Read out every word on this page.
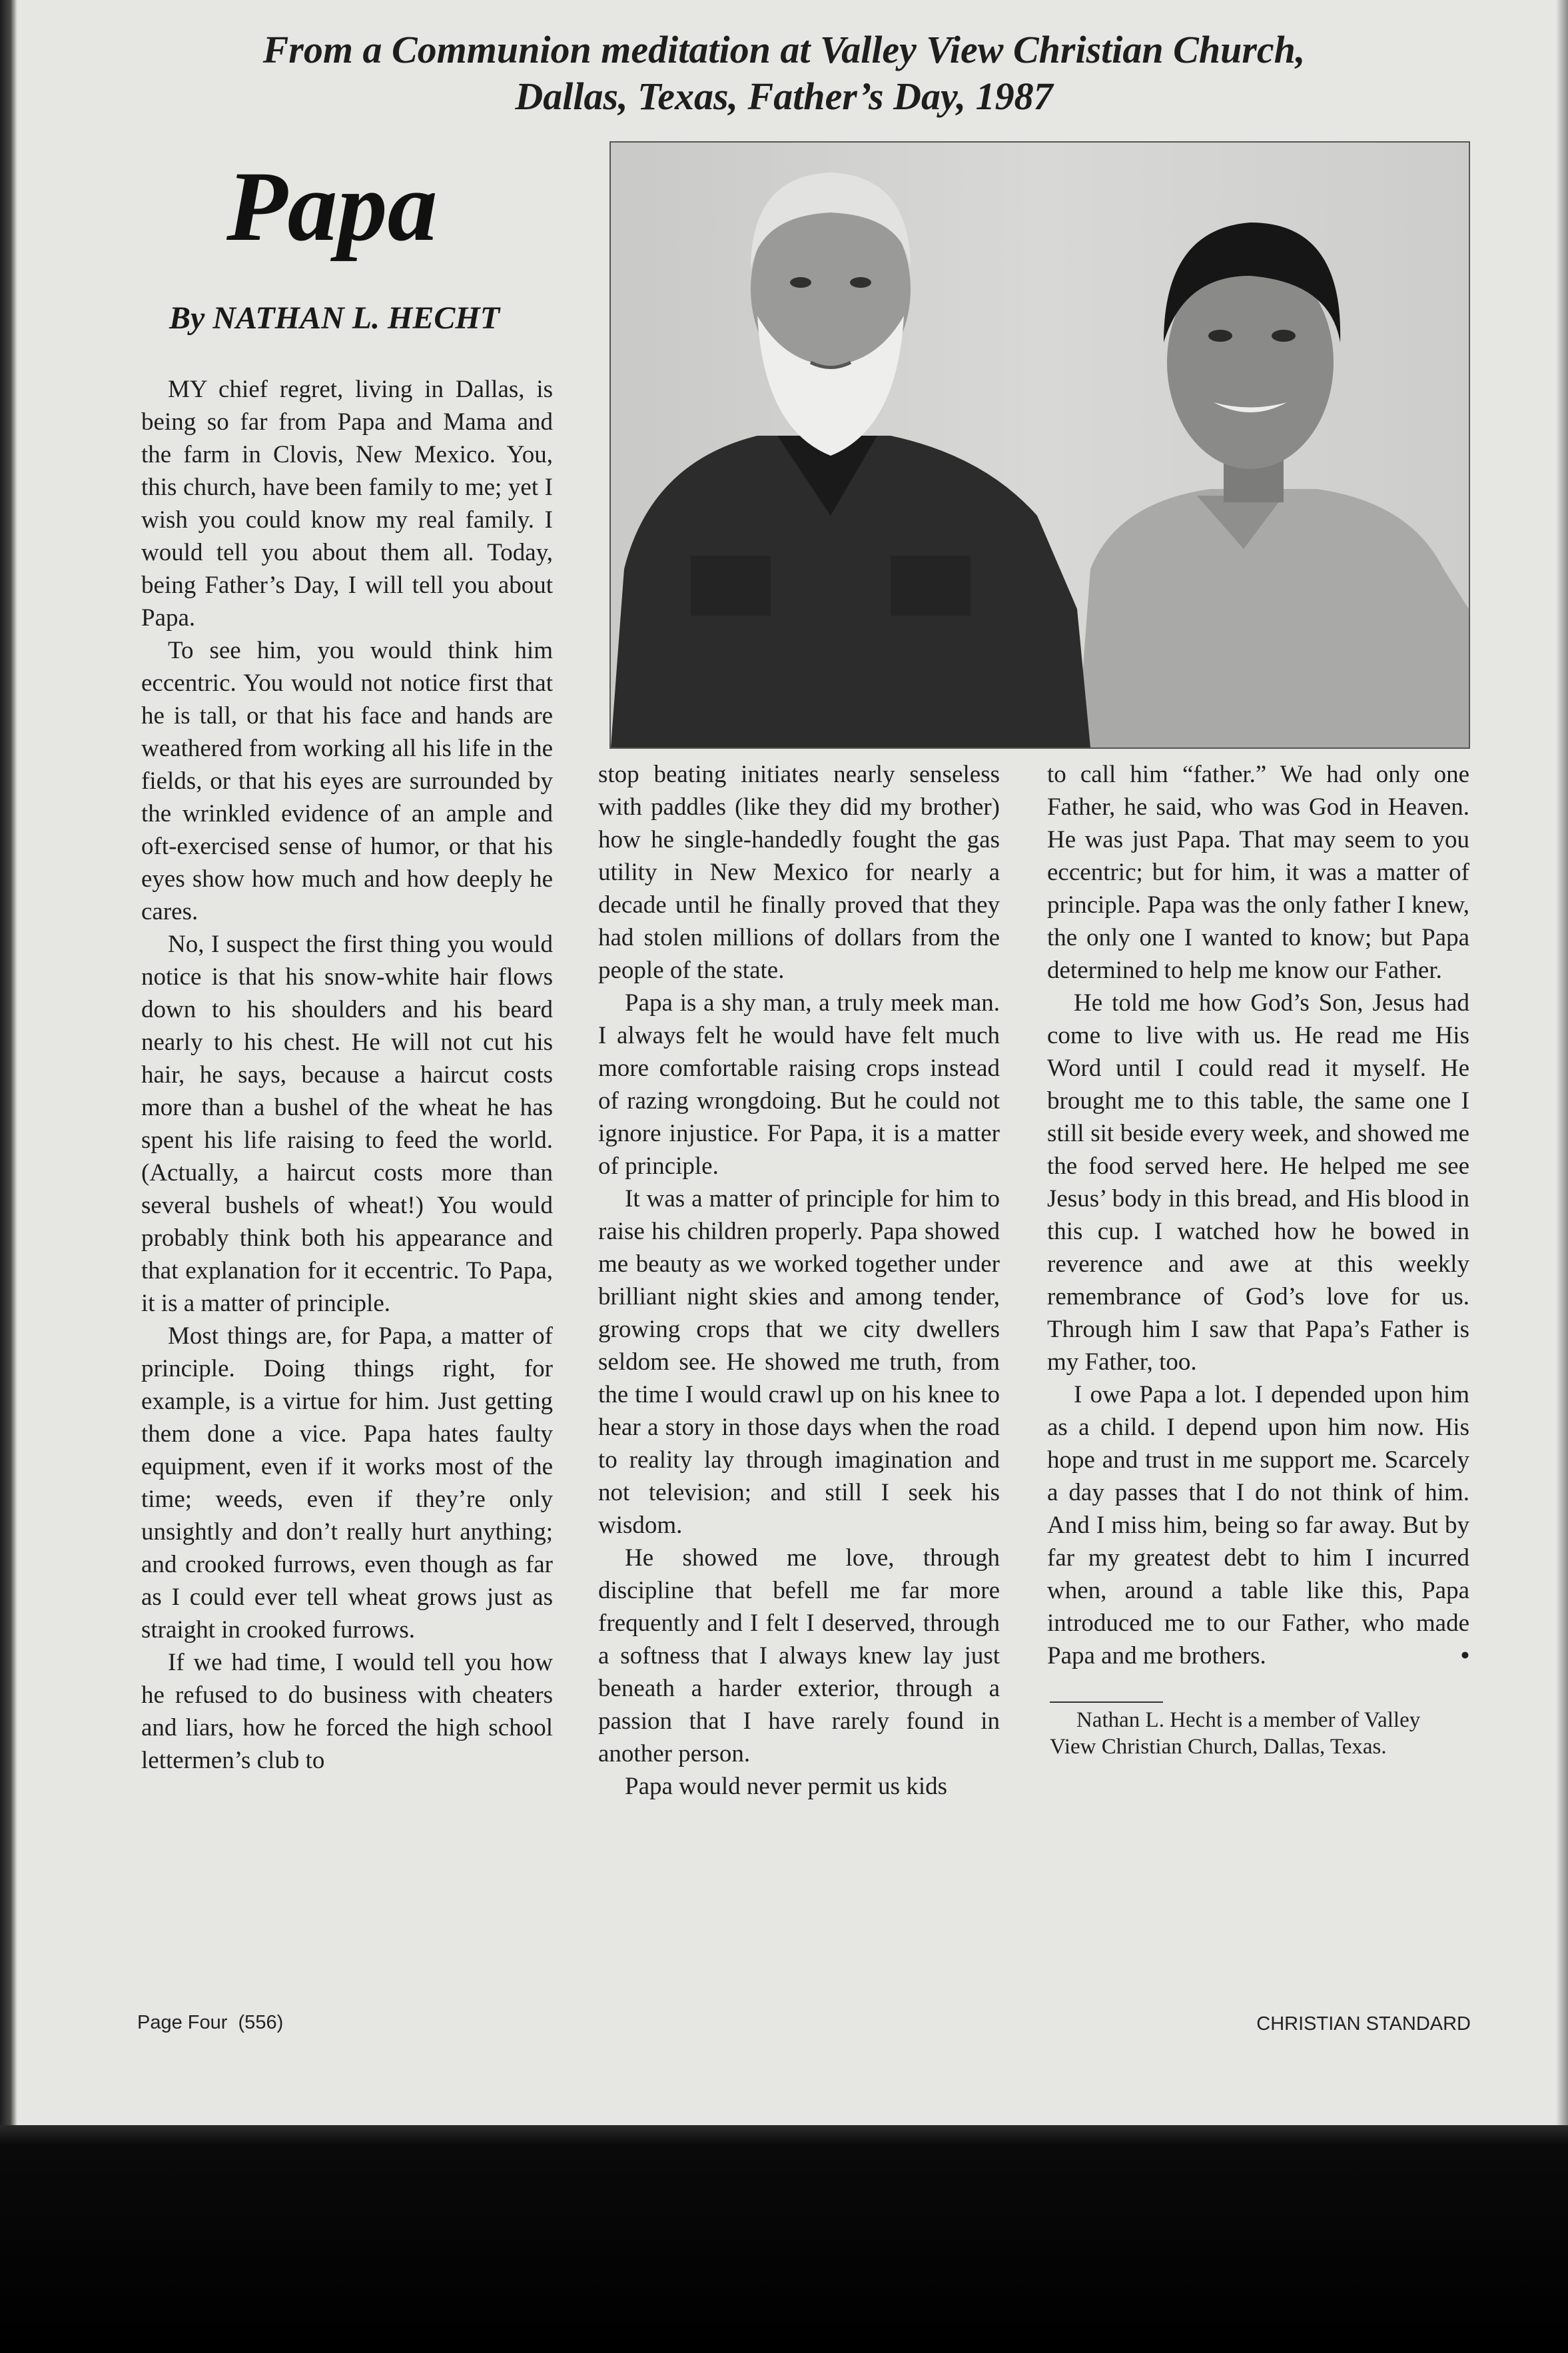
From a Communion meditation at Valley View Christian Church,
Dallas, Texas, Father’s Day, 1987
Papa
By NATHAN L. HECHT

MY chief regret, living in Dallas, is being so far from Papa and Mama and the farm in Clovis, New Mexico. You, this church, have been family to me; yet I wish you could know my real family. I would tell you about them all. Today, being Father’s Day, I will tell you about Papa.

To see him, you would think him eccentric. You would not notice first that he is tall, or that his face and hands are weathered from working all his life in the fields, or that his eyes are surrounded by the wrinkled evidence of an ample and oft-exercised sense of humor, or that his eyes show how much and how deeply he cares.

No, I suspect the first thing you would notice is that his snow-white hair flows down to his shoulders and his beard nearly to his chest. He will not cut his hair, he says, because a haircut costs more than a bushel of the wheat he has spent his life raising to feed the world. (Actually, a haircut costs more than several bushels of wheat!) You would probably think both his appearance and that explanation for it eccentric. To Papa, it is a matter of principle.

Most things are, for Papa, a matter of principle. Doing things right, for example, is a virtue for him. Just getting them done a vice. Papa hates faulty equipment, even if it works most of the time; weeds, even if they’re only unsightly and don’t really hurt anything; and crooked furrows, even though as far as I could ever tell wheat grows just as straight in crooked furrows.

If we had time, I would tell you how he refused to do business with cheaters and liars, how he forced the high school lettermen’s club to

stop beating initiates nearly senseless with paddles (like they did my brother) how he single-handedly fought the gas utility in New Mexico for nearly a decade until he finally proved that they had stolen millions of dollars from the people of the state.

Papa is a shy man, a truly meek man. I always felt he would have felt much more comfortable raising crops instead of razing wrongdoing. But he could not ignore injustice. For Papa, it is a matter of principle.

It was a matter of principle for him to raise his children properly. Papa showed me beauty as we worked together under brilliant night skies and among tender, growing crops that we city dwellers seldom see. He showed me truth, from the time I would crawl up on his knee to hear a story in those days when the road to reality lay through imagination and not television; and still I seek his wisdom.

He showed me love, through discipline that befell me far more frequently and I felt I deserved, through a softness that I always knew lay just beneath a harder exterior, through a passion that I have rarely found in another person.

Papa would never permit us kids

to call him “father.” We had only one Father, he said, who was God in Heaven. He was just Papa. That may seem to you eccentric; but for him, it was a matter of principle. Papa was the only father I knew, the only one I wanted to know; but Papa determined to help me know our Father.

He told me how God’s Son, Jesus had come to live with us. He read me His Word until I could read it myself. He brought me to this table, the same one I still sit beside every week, and showed me the food served here. He helped me see Jesus’ body in this bread, and His blood in this cup. I watched how he bowed in reverence and awe at this weekly remembrance of God’s love for us. Through him I saw that Papa’s Father is my Father, too.

I owe Papa a lot. I depended upon him as a child. I depend upon him now. His hope and trust in me support me. Scarcely a day passes that I do not think of him. And I miss him, being so far away. But by far my greatest debt to him I incurred when, around a table like this, Papa introduced me to our Father, who made Papa and me brothers.	•

Nathan L. Hecht is a member of Valley View Christian Church, Dallas, Texas.

Page Four  (556)	CHRISTIAN STANDARD
